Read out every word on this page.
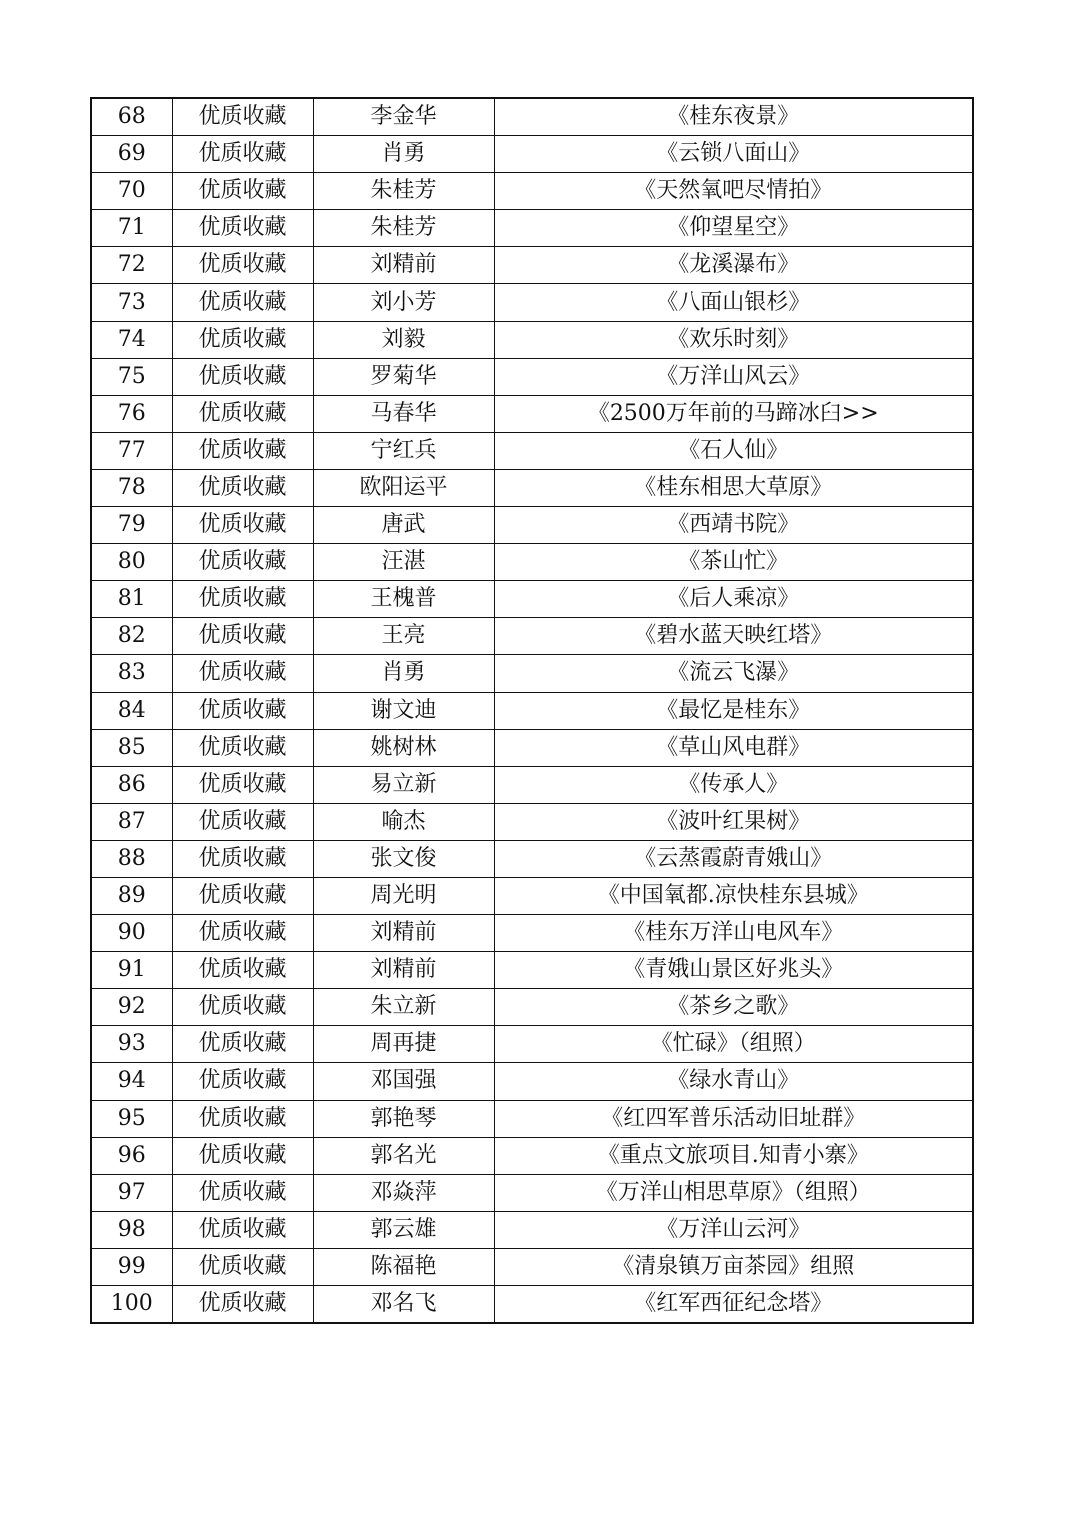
68	优质收藏	李金华	《桂东夜景》
69	优质收藏	肖勇	《云锁八面山》
70	优质收藏	朱桂芳	《天然氧吧尽情拍》
71	优质收藏	朱桂芳	《仰望星空》
72	优质收藏	刘精前	《龙溪瀑布》
73	优质收藏	刘小芳	《八面山银杉》
74	优质收藏	刘毅	《欢乐时刻》
75	优质收藏	罗菊华	《万洋山风云》
76	优质收藏	马春华	《2500万年前的马蹄冰臼>>
77	优质收藏	宁红兵	《石人仙》
78	优质收藏	欧阳运平	《桂东相思大草原》
79	优质收藏	唐武	《西靖书院》
80	优质收藏	汪湛	《茶山忙》
81	优质收藏	王槐普	《后人乘凉》
82	优质收藏	王亮	《碧水蓝天映红塔》
83	优质收藏	肖勇	《流云飞瀑》
84	优质收藏	谢文迪	《最忆是桂东》
85	优质收藏	姚树林	《草山风电群》
86	优质收藏	易立新	《传承人》
87	优质收藏	喻杰	《波叶红果树》
88	优质收藏	张文俊	《云蒸霞蔚青娥山》
89	优质收藏	周光明	《中国氧都.凉快桂东县城》
90	优质收藏	刘精前	《桂东万洋山电风车》
91	优质收藏	刘精前	《青娥山景区好兆头》
92	优质收藏	朱立新	《茶乡之歌》
93	优质收藏	周再捷	《忙碌》（组照）
94	优质收藏	邓国强	《绿水青山》
95	优质收藏	郭艳琴	《红四军普乐活动旧址群》
96	优质收藏	郭名光	《重点文旅项目.知青小寨》
97	优质收藏	邓焱萍	《万洋山相思草原》（组照）
98	优质收藏	郭云雄	《万洋山云河》
99	优质收藏	陈福艳	《清泉镇万亩茶园》组照
100	优质收藏	邓名飞	《红军西征纪念塔》
